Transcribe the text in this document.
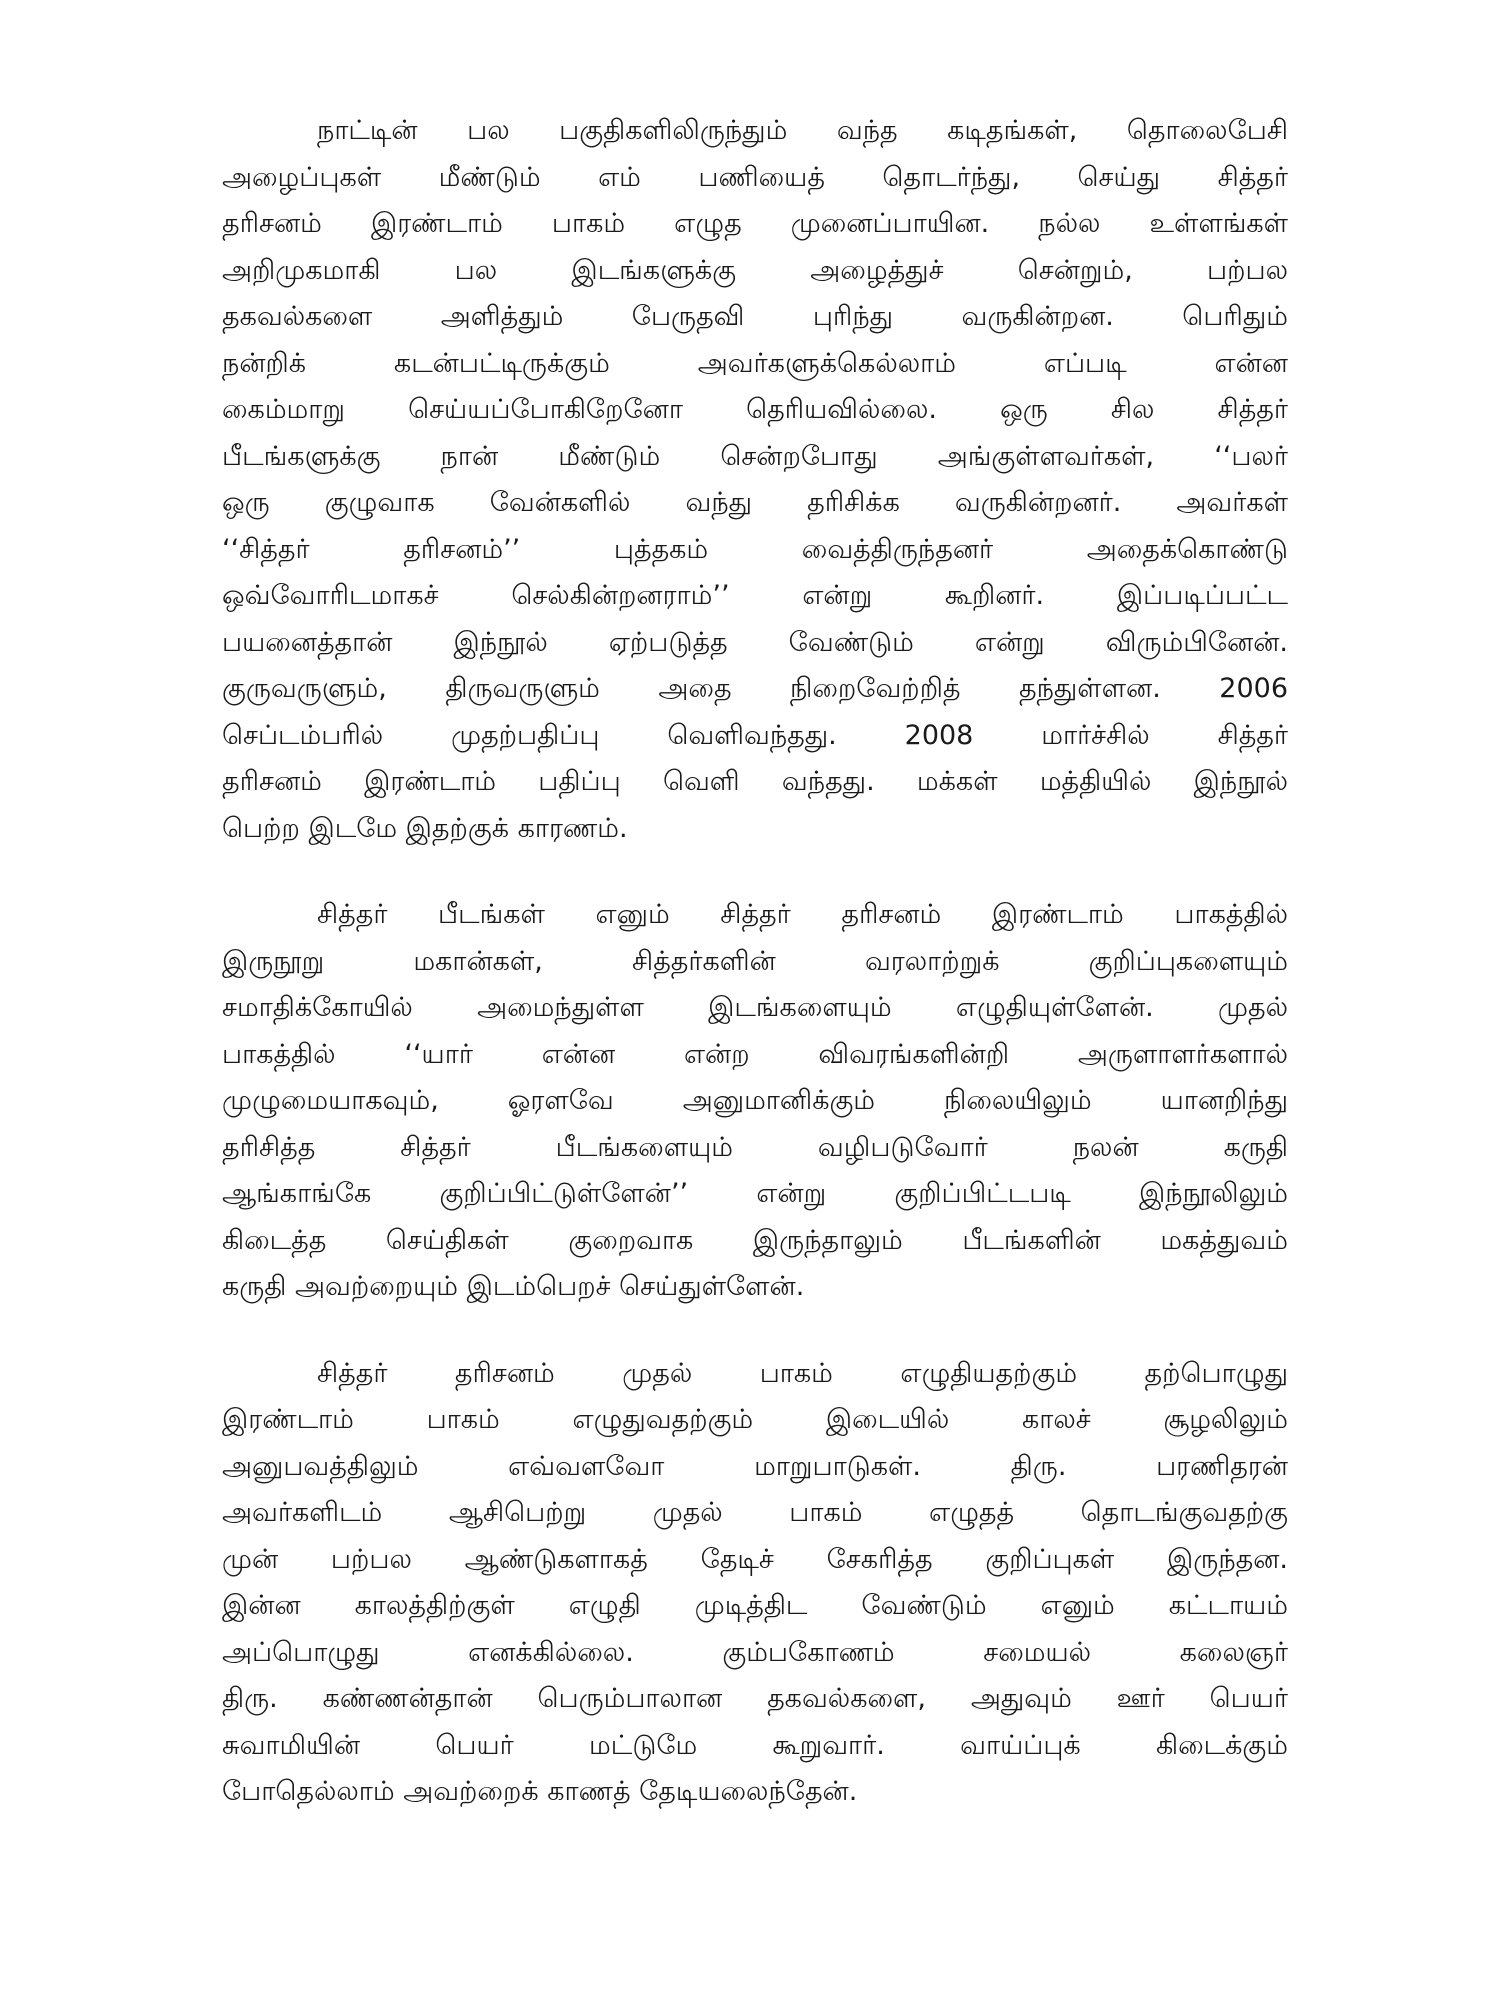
நாட்டின் பல பகுதிகளிலிருந்தும் வந்த கடிதங்கள், தொலைபேசி
அழைப்புகள் மீண்டும் எம் பணியைத் தொடர்ந்து, செய்து சித்தர்
தரிசனம் இரண்டாம் பாகம் எழுத முனைப்பாயின. நல்ல உள்ளங்கள்
அறிமுகமாகி பல இடங்களுக்கு அழைத்துச் சென்றும், பற்பல
தகவல்களை அளித்தும் பேருதவி புரிந்து வருகின்றன. பெரிதும்
நன்றிக் கடன்பட்டிருக்கும் அவர்களுக்கெல்லாம் எப்படி என்ன
கைம்மாறு செய்யப்போகிறேனோ தெரியவில்லை. ஒரு சில சித்தர்
பீடங்களுக்கு நான் மீண்டும் சென்றபோது அங்குள்ளவர்கள், ‘‘பலர்
ஒரு குழுவாக வேன்களில் வந்து தரிசிக்க வருகின்றனர். அவர்கள்
‘‘சித்தர் தரிசனம்’’ புத்தகம் வைத்திருந்தனர் அதைக்கொண்டு
ஒவ்வோரிடமாகச் செல்கின்றனராம்’’ என்று கூறினர். இப்படிப்பட்ட
பயனைத்தான் இந்நூல் ஏற்படுத்த வேண்டும் என்று விரும்பினேன்.
குருவருளும், திருவருளும் அதை நிறைவேற்றித் தந்துள்ளன. 2006
செப்டம்பரில் முதற்பதிப்பு வெளிவந்தது. 2008 மார்ச்சில் சித்தர்
தரிசனம் இரண்டாம் பதிப்பு வெளி வந்தது. மக்கள் மத்தியில் இந்நூல்
பெற்ற இடமே இதற்குக் காரணம்.
சித்தர் பீடங்கள் எனும் சித்தர் தரிசனம் இரண்டாம் பாகத்தில்
இருநூறு மகான்கள், சித்தர்களின் வரலாற்றுக் குறிப்புகளையும்
சமாதிக்கோயில் அமைந்துள்ள இடங்களையும் எழுதியுள்ளேன். முதல்
பாகத்தில் ‘‘யார் என்ன என்ற விவரங்களின்றி அருளாளர்களால்
முழுமையாகவும், ஓரளவே அனுமானிக்கும் நிலையிலும் யானறிந்து
தரிசித்த சித்தர் பீடங்களையும் வழிபடுவோர் நலன் கருதி
ஆங்காங்கே குறிப்பிட்டுள்ளேன்’’ என்று குறிப்பிட்டபடி இந்நூலிலும்
கிடைத்த செய்திகள் குறைவாக இருந்தாலும் பீடங்களின் மகத்துவம்
கருதி அவற்றையும் இடம்பெறச் செய்துள்ளேன்.
சித்தர் தரிசனம் முதல் பாகம் எழுதியதற்கும் தற்பொழுது
இரண்டாம் பாகம் எழுதுவதற்கும் இடையில் காலச் சூழலிலும்
அனுபவத்திலும் எவ்வளவோ மாறுபாடுகள். திரு. பரணிதரன்
அவர்களிடம் ஆசிபெற்று முதல் பாகம் எழுதத் தொடங்குவதற்கு
முன் பற்பல ஆண்டுகளாகத் தேடிச் சேகரித்த குறிப்புகள் இருந்தன.
இன்ன காலத்திற்குள் எழுதி முடித்திட வேண்டும் எனும் கட்டாயம்
அப்பொழுது எனக்கில்லை. கும்பகோணம் சமையல் கலைஞர்
திரு. கண்ணன்தான் பெரும்பாலான தகவல்களை, அதுவும் ஊர் பெயர்
சுவாமியின் பெயர் மட்டுமே கூறுவார். வாய்ப்புக் கிடைக்கும்
போதெல்லாம் அவற்றைக் காணத் தேடியலைந்தேன்.
